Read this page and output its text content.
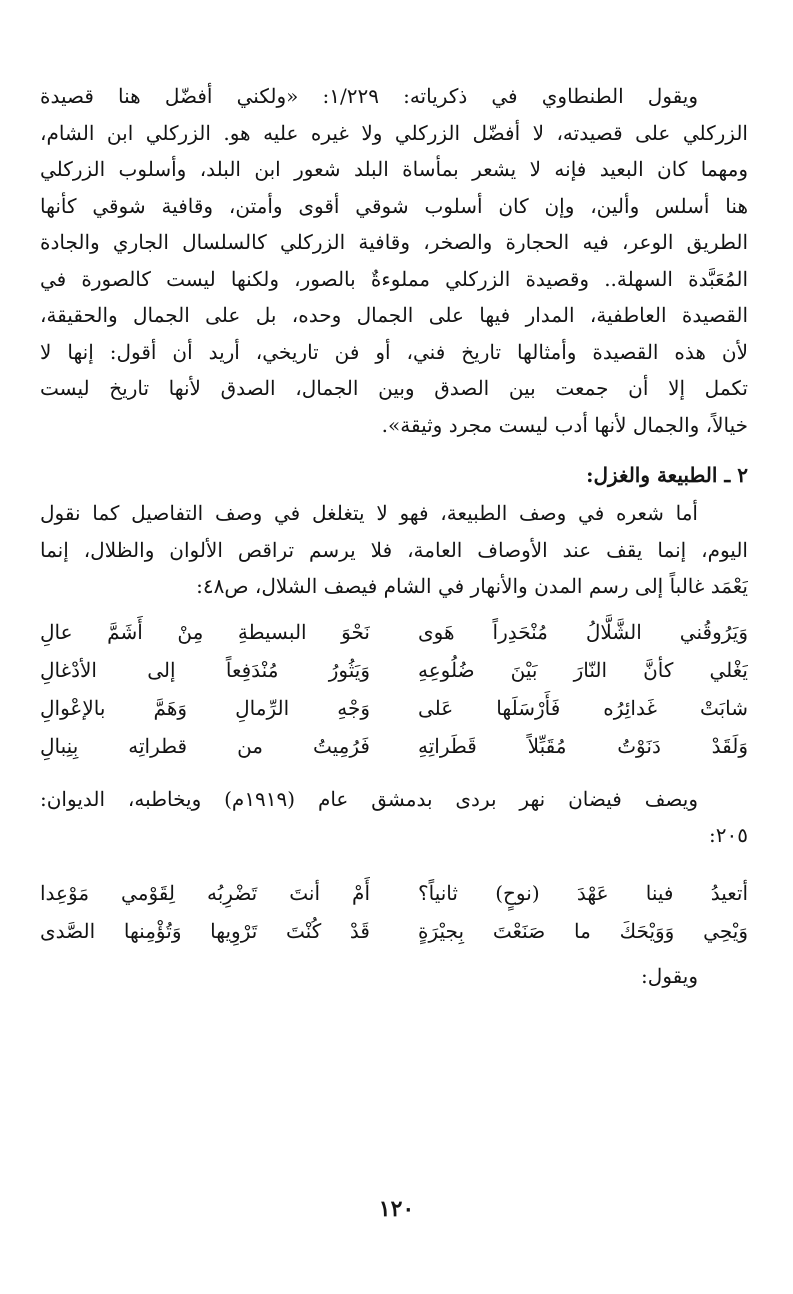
ويقول الطنطاوي في ذكرياته: ١/٢٢٩: «ولكني أفضّل هنا قصيدة
الزركلي على قصيدته، لا أفضّل الزركلي ولا غيره عليه هو. الزركلي ابن الشام،
ومهما كان البعيد فإنه لا يشعر بمأساة البلد شعور ابن البلد، وأسلوب الزركلي
هنا أسلس وألين، وإن كان أسلوب شوقي أقوى وأمتن، وقافية شوقي كأنها
الطريق الوعر، فيه الحجارة والصخر، وقافية الزركلي كالسلسال الجاري والجادة
المُعَبَّدة السهلة.. وقصيدة الزركلي مملوءةٌ بالصور، ولكنها ليست كالصورة في
القصيدة العاطفية، المدار فيها على الجمال وحده، بل على الجمال والحقيقة،
لأن هذه القصيدة وأمثالها تاريخ فني، أو فن تاريخي، أريد أن أقول: إنها لا
تكمل إلا أن جمعت بين الصدق وبين الجمال، الصدق لأنها تاريخ ليست
خيالاً، والجمال لأنها أدب ليست مجرد وثيقة».
٢ ـ الطبيعة والغزل:
أما شعره في وصف الطبيعة، فهو لا يتغلغل في وصف التفاصيل كما نقول
اليوم، إنما يقف عند الأوصاف العامة، فلا يرسم تراقص الألوان والظلال، إنما
يَعْمَد غالباً إلى رسم المدن والأنهار في الشام فيصف الشلال، ص٤٨:
وَيَرُوقُني الشَّلَّالُ مُنْحَدِراً هَوى
نَحْوَ البسيطةِ مِنْ أَشَمَّ عالِ
يَغْلي كأنَّ النّارَ بَيْنَ ضُلُوعِهِ
وَيَثُورُ مُنْدَفِعاً إلى الأدْغالِ
شابَتْ غَدائِرُه فَأَرْسَلَها عَلى
وَجْهِ الرِّمالِ وَهَمَّ بالإعْوالِ
وَلَقَدْ دَنَوْتُ مُقَبِّلاً قَطَراتِهِ
فَرُمِيتُ من قطراتِه بِنِبالِ
ويصف فيضان نهر بردى بدمشق عام (١٩١٩م) ويخاطبه، الديوان:
٢٠٥:
أتعيدُ فينا عَهْدَ (نوحٍ) ثانياً؟
أَمْ أنتَ تَضْرِبُه لِقَوْمي مَوْعِدا
وَيْحِي وَوَيْحَكَ ما صَنَعْتَ بِجيْرَةٍ
قَدْ كُنْتَ تَرْوِيها وَتُؤْمِنها الصَّدى
ويقول:
١٢٠
